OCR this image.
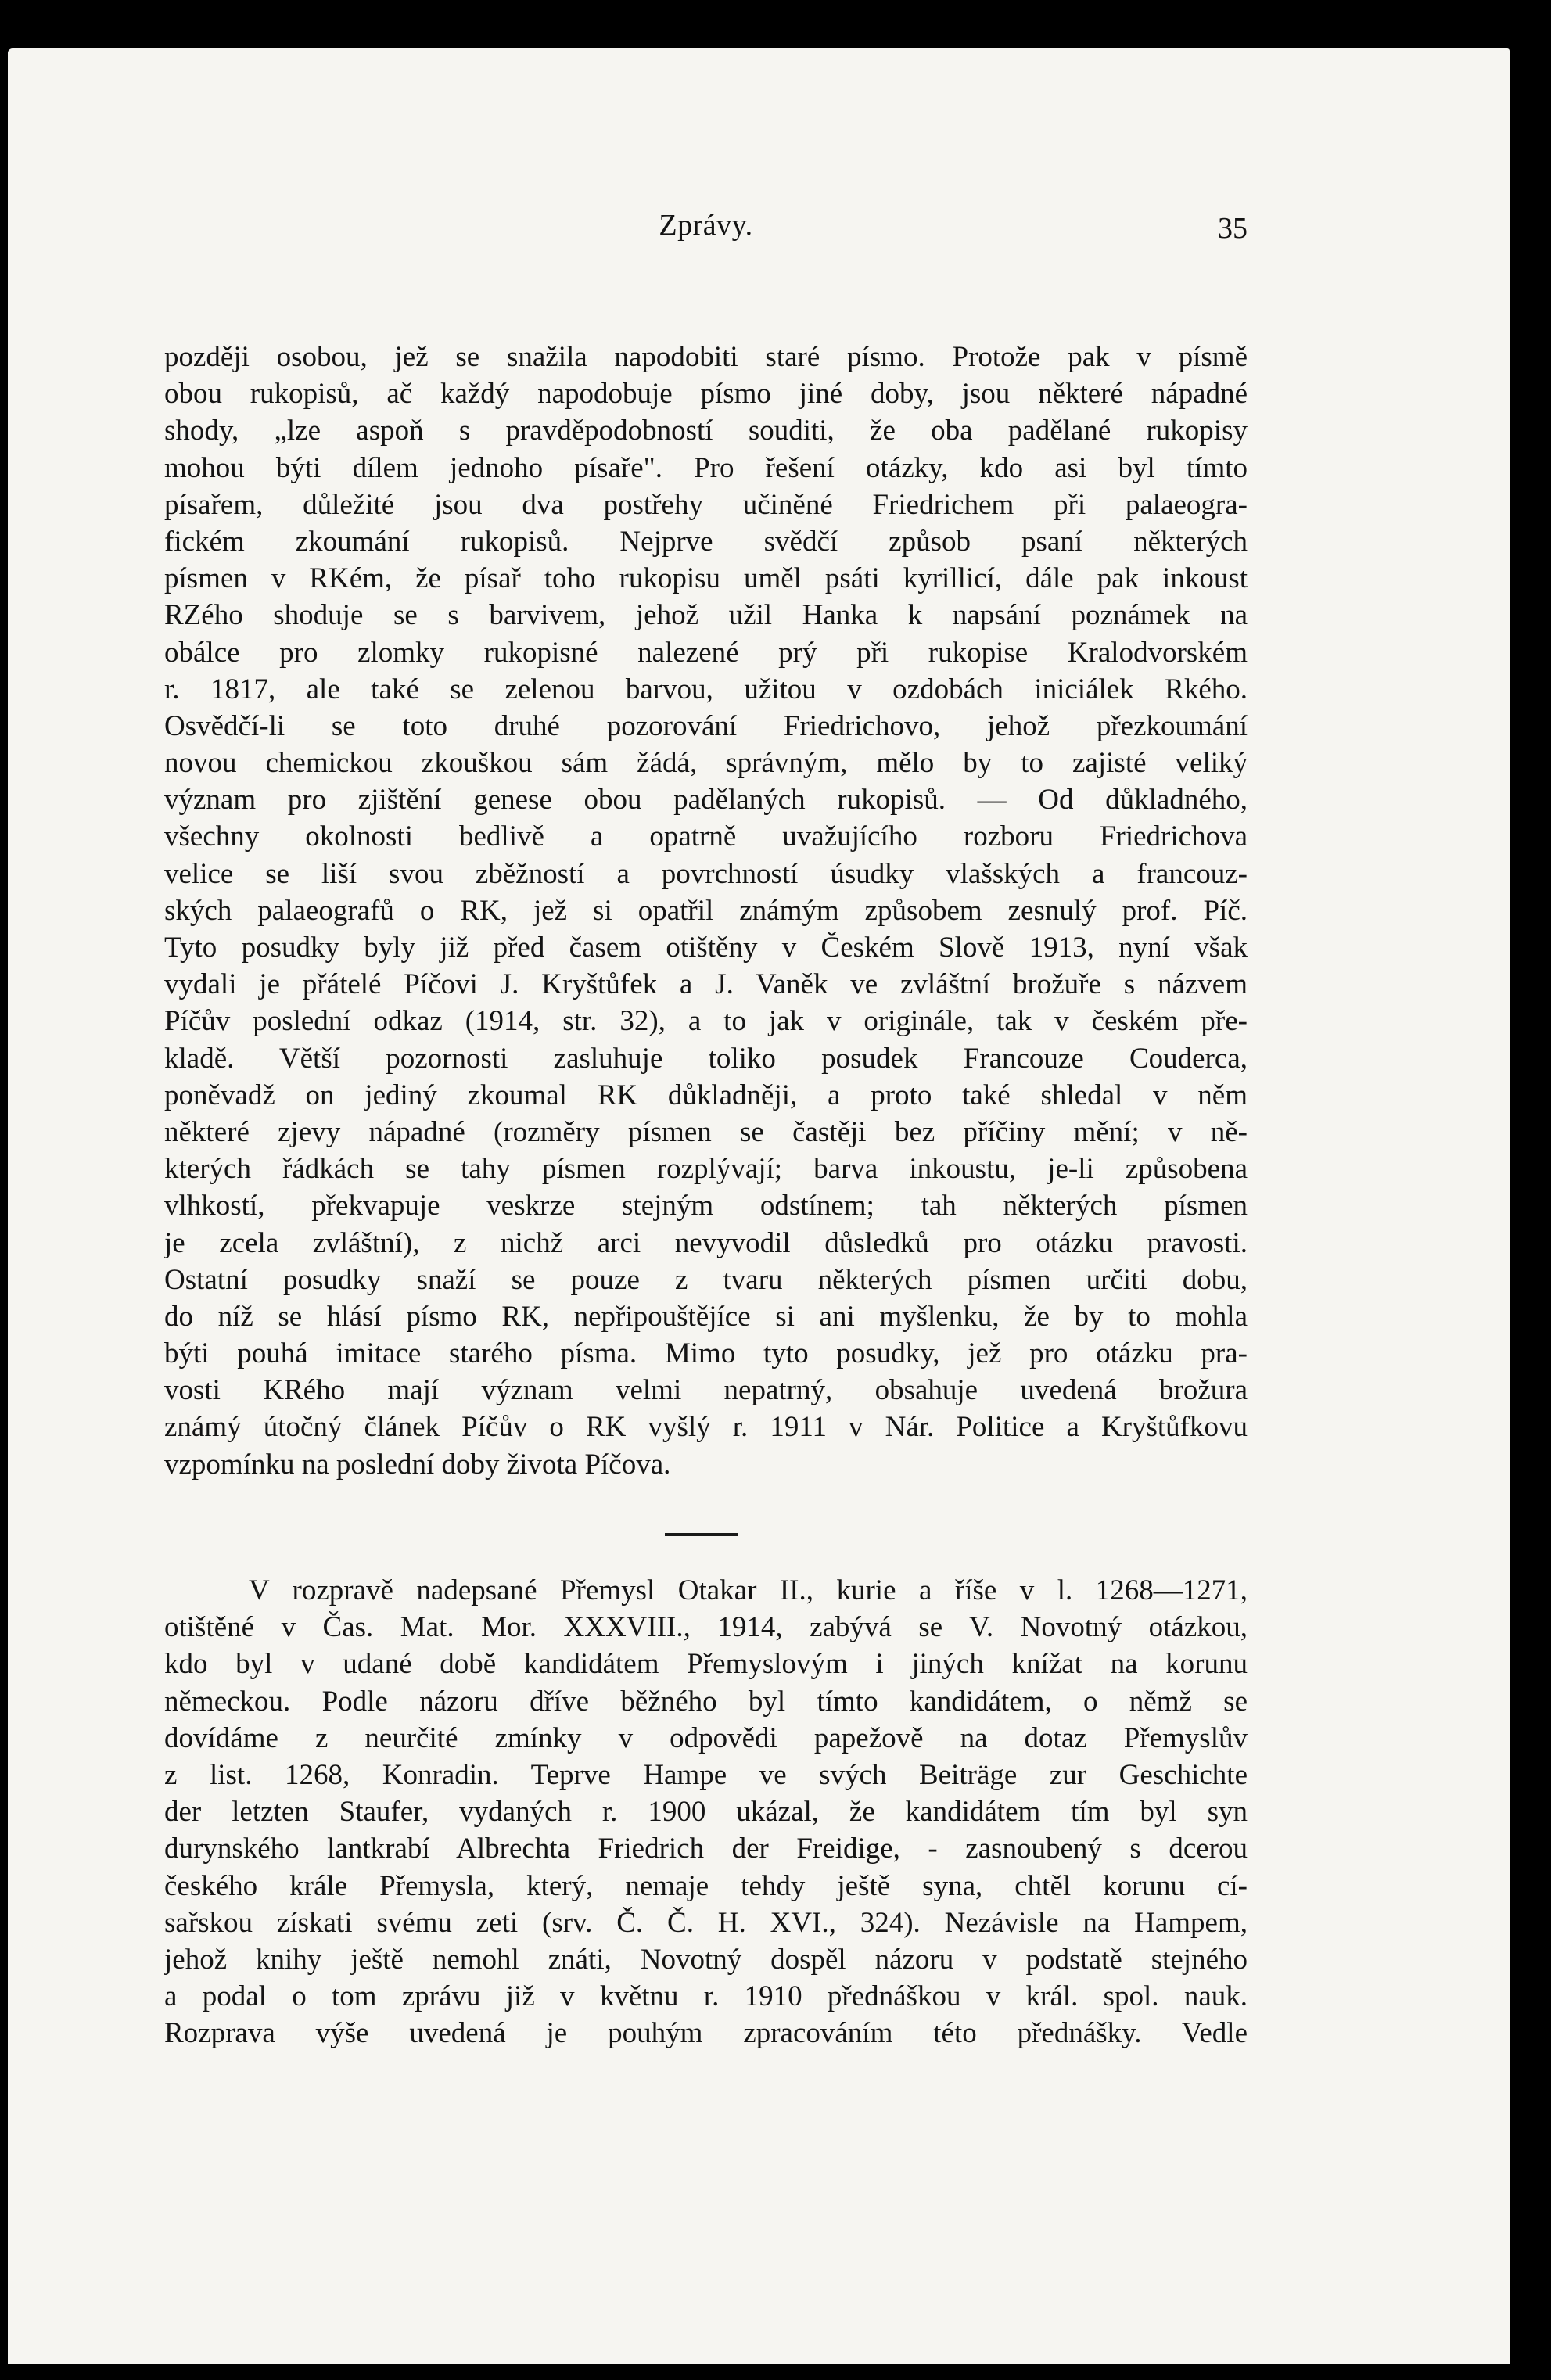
Zprávy.	35
později osobou, jež se snažila napodobiti staré písmo. Protože pak v písmě
obou rukopisů, ač každý napodobuje písmo jiné doby, jsou některé nápadné
shody, „lze aspoň s pravděpodobností souditi, že oba padělané rukopisy
mohou býti dílem jednoho písaře". Pro řešení otázky, kdo asi byl tímto
písařem, důležité jsou dva postřehy učiněné Friedrichem při palaeogra-
fickém zkoumání rukopisů. Nejprve svědčí způsob psaní některých
písmen v RKém, že písař toho rukopisu uměl psáti kyrillicí, dále pak inkoust
RZého shoduje se s barvivem, jehož užil Hanka k napsání poznámek na
obálce pro zlomky rukopisné nalezené prý při rukopise Kralodvorském
r. 1817, ale také se zelenou barvou, užitou v ozdobách iniciálek Rkého.
Osvědčí-li se toto druhé pozorování Friedrichovo, jehož přezkoumání
novou chemickou zkouškou sám žádá, správným, mělo by to zajisté veliký
význam pro zjištění genese obou padělaných rukopisů. — Od důkladného,
všechny okolnosti bedlivě a opatrně uvažujícího rozboru Friedrichova
velice se liší svou zběžností a povrchností úsudky vlašských a francouz-
ských palaeografů o RK, jež si opatřil známým způsobem zesnulý prof. Píč.
Tyto posudky byly již před časem otištěny v Českém Slově 1913, nyní však
vydali je přátelé Píčovi J. Kryštůfek a J. Vaněk ve zvláštní brožuře s názvem
Píčův poslední odkaz (1914, str. 32), a to jak v originále, tak v českém pře-
kladě. Větší pozornosti zasluhuje toliko posudek Francouze Couderca,
poněvadž on jediný zkoumal RK důkladněji, a proto také shledal v něm
některé zjevy nápadné (rozměry písmen se častěji bez příčiny mění; v ně-
kterých řádkách se tahy písmen rozplývají; barva inkoustu, je-li způsobena
vlhkostí, překvapuje veskrze stejným odstínem; tah některých písmen
je zcela zvláštní), z nichž arci nevyvodil důsledků pro otázku pravosti.
Ostatní posudky snaží se pouze z tvaru některých písmen určiti dobu,
do níž se hlásí písmo RK, nepřipouštějíce si ani myšlenku, že by to mohla
býti pouhá imitace starého písma. Mimo tyto posudky, jež pro otázku pra-
vosti KRého mají význam velmi nepatrný, obsahuje uvedená brožura
známý útočný článek Píčův o RK vyšlý r. 1911 v Nár. Politice a Kryštůfkovu
vzpomínku na poslední doby života Píčova.
V rozpravě nadepsané Přemysl Otakar II., kurie a říše v l. 1268—1271,
otištěné v Čas. Mat. Mor. XXXVIII., 1914, zabývá se V. Novotný otázkou,
kdo byl v udané době kandidátem Přemyslovým i jiných knížat na korunu
německou. Podle názoru dříve běžného byl tímto kandidátem, o němž se
dovídáme z neurčité zmínky v odpovědi papežově na dotaz Přemyslův
z list. 1268, Konradin. Teprve Hampe ve svých Beiträge zur Geschichte
der letzten Staufer, vydaných r. 1900 ukázal, že kandidátem tím byl syn
durynského lantkrabí Albrechta Friedrich der Freidige, - zasnoubený s dcerou
českého krále Přemysla, který, nemaje tehdy ještě syna, chtěl korunu cí-
sařskou získati svému zeti (srv. Č. Č. H. XVI., 324). Nezávisle na Hampem,
jehož knihy ještě nemohl znáti, Novotný dospěl názoru v podstatě stejného
a podal o tom zprávu již v květnu r. 1910 přednáškou v král. spol. nauk.
Rozprava výše uvedená je pouhým zpracováním této přednášky. Vedle
